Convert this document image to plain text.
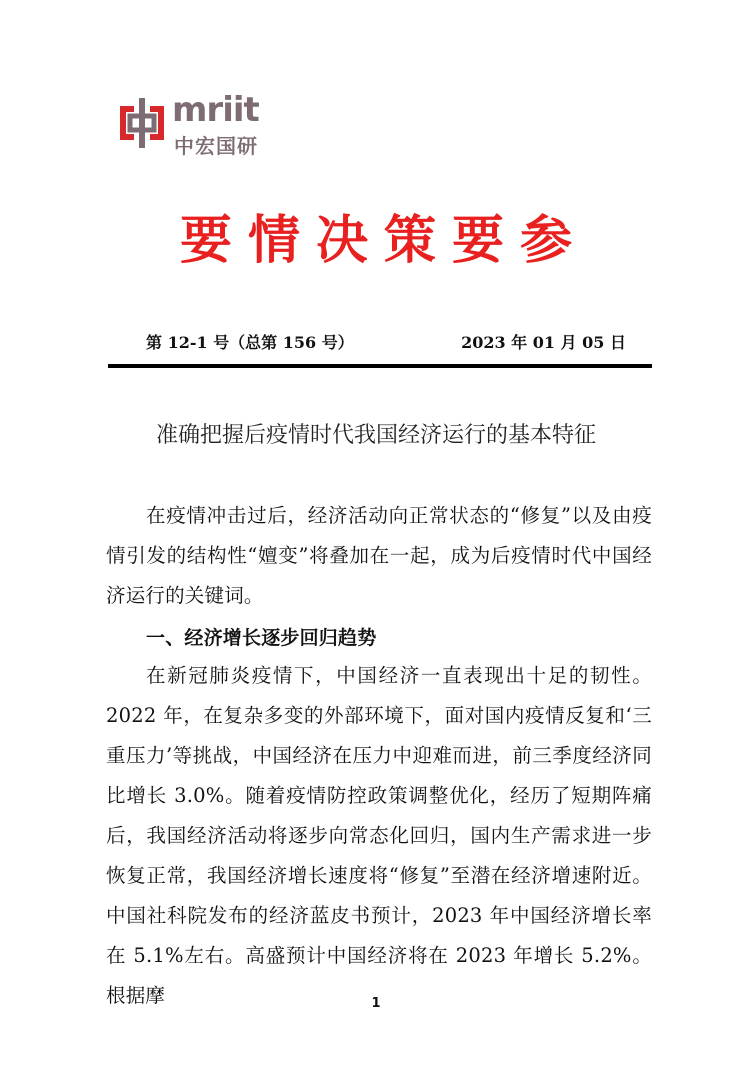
mriit
中宏国研
要情决策要参
第 12-1 号（总第 156 号）	2023 年 01 月 05 日
准确把握后疫情时代我国经济运行的基本特征
在疫情冲击过后，经济活动向正常状态的“修复”以及由疫情引发的结构性“嬗变”将叠加在一起，成为后疫情时代中国经济运行的关键词。
一、经济增长逐步回归趋势
在新冠肺炎疫情下，中国经济一直表现出十足的韧性。2022 年，在复杂多变的外部环境下，面对国内疫情反复和‘三重压力’等挑战，中国经济在压力中迎难而进，前三季度经济同比增长 3.0%。随着疫情防控政策调整优化，经历了短期阵痛后，我国经济活动将逐步向常态化回归，国内生产需求进一步恢复正常，我国经济增长速度将“修复”至潜在经济增速附近。中国社科院发布的经济蓝皮书预计，2023 年中国经济增长率在 5.1%左右。高盛预计中国经济将在 2023 年增长 5.2%。根据摩	1
